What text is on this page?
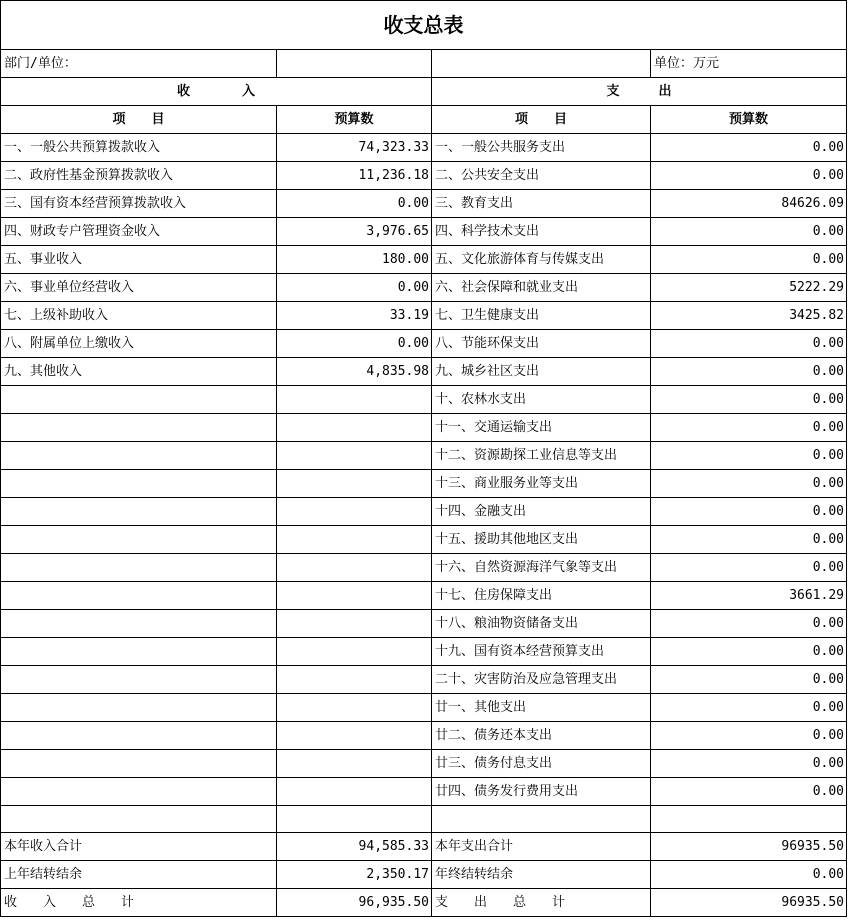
收支总表			
部门/单位：			单位：万元
收　　　　入		支　　　出	
项　　目	预算数	项　　目	预算数
一、一般公共预算拨款收入	74,323.33	一、一般公共服务支出	0.00
二、政府性基金预算拨款收入	11,236.18	二、公共安全支出	0.00
三、国有资本经营预算拨款收入	0.00	三、教育支出	84626.09
四、财政专户管理资金收入	3,976.65	四、科学技术支出	0.00
五、事业收入	180.00	五、文化旅游体育与传媒支出	0.00
六、事业单位经营收入	0.00	六、社会保障和就业支出	5222.29
七、上级补助收入	33.19	七、卫生健康支出	3425.82
八、附属单位上缴收入	0.00	八、节能环保支出	0.00
九、其他收入	4,835.98	九、城乡社区支出	0.00
		十、农林水支出	0.00
		十一、交通运输支出	0.00
		十二、资源勘探工业信息等支出	0.00
		十三、商业服务业等支出	0.00
		十四、金融支出	0.00
		十五、援助其他地区支出	0.00
		十六、自然资源海洋气象等支出	0.00
		十七、住房保障支出	3661.29
		十八、粮油物资储备支出	0.00
		十九、国有资本经营预算支出	0.00
		二十、灾害防治及应急管理支出	0.00
		廿一、其他支出	0.00
		廿二、债务还本支出	0.00
		廿三、债务付息支出	0.00
		廿四、债务发行费用支出	0.00

本年收入合计	94,585.33	本年支出合计	96935.50
上年结转结余	2,350.17	年终结转结余	0.00
收　　入　　总　　计	96,935.50	支　　出　　总　　计	96935.50
